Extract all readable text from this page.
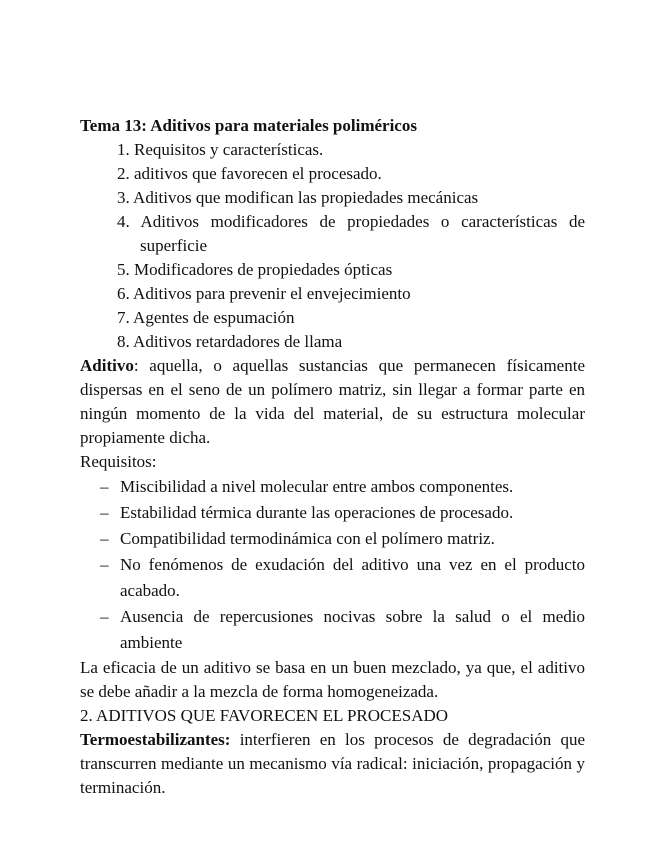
Tema 13: Aditivos para materiales poliméricos

1. Requisitos y características.
2. aditivos que favorecen el procesado.
3. Aditivos que modifican las propiedades mecánicas
4. Aditivos modificadores de propiedades o características de superficie
5. Modificadores de propiedades ópticas
6. Aditivos para prevenir el envejecimiento
7. Agentes de espumación
8. Aditivos retardadores de llama

Aditivo: aquella, o aquellas sustancias que permanecen físicamente dispersas en el seno de un polímero matriz, sin llegar a formar parte en ningún momento de la vida del material, de su estructura molecular propiamente dicha.

Requisitos:

– Miscibilidad a nivel molecular entre ambos componentes.
– Estabilidad térmica durante las operaciones de procesado.
– Compatibilidad termodinámica con el polímero matriz.
– No fenómenos de exudación del aditivo una vez en el producto acabado.
– Ausencia de repercusiones nocivas sobre la salud o el medio ambiente

La eficacia de un aditivo se basa en un buen mezclado, ya que, el aditivo se debe añadir a la mezcla de forma homogeneizada.

2. ADITIVOS QUE FAVORECEN EL PROCESADO

Termoestabilizantes: interfieren en los procesos de degradación que transcurren mediante un mecanismo vía radical: iniciación, propagación y terminación.
